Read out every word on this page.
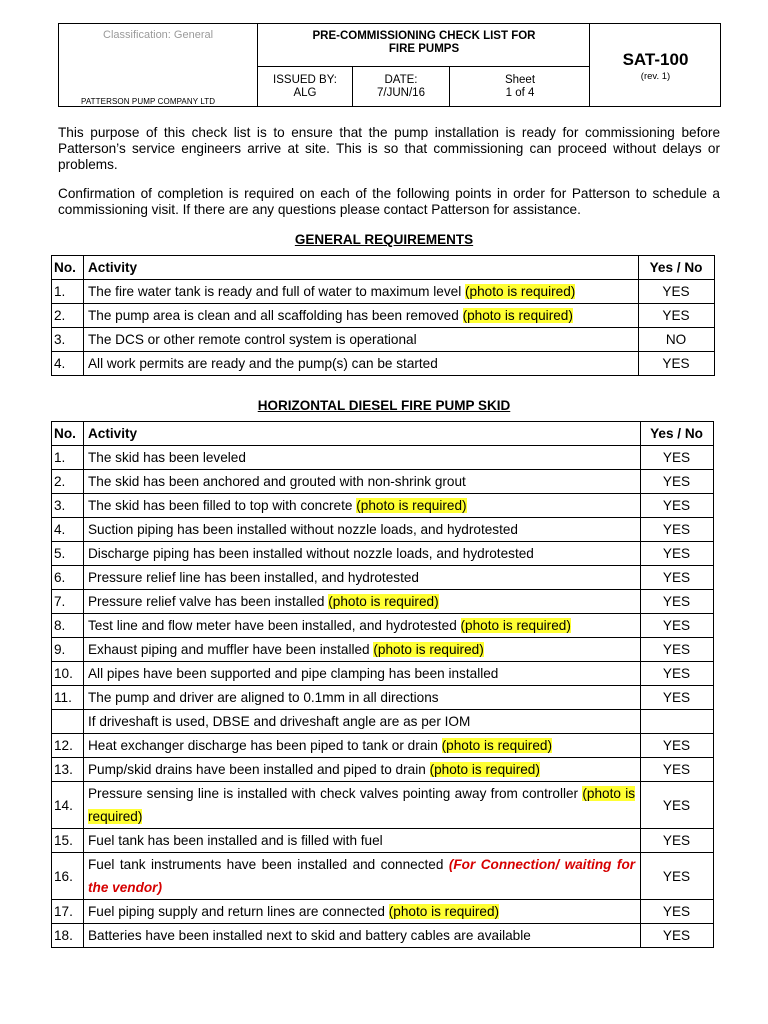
Classification: General
PATTERSON PUMP COMPANY LTD
PRE-COMMISSIONING CHECK LIST FOR
FIRE PUMPS
ISSUED BY:
ALG
DATE:
7/JUN/16
Sheet
1 of 4
SAT-100
(rev. 1)

This purpose of this check list is to ensure that the pump installation is ready for commissioning before Patterson’s service engineers arrive at site. This is so that commissioning can proceed without delays or problems.

Confirmation of completion is required on each of the following points in order for Patterson to schedule a commissioning visit. If there are any questions please contact Patterson for assistance.

GENERAL REQUIREMENTS
No.	Activity	Yes / No
1.	The fire water tank is ready and full of water to maximum level (photo is required)	YES
2.	The pump area is clean and all scaffolding has been removed (photo is required)	YES
3.	The DCS or other remote control system is operational	NO
4.	All work permits are ready and the pump(s) can be started	YES
HORIZONTAL DIESEL FIRE PUMP SKID
No.	Activity	Yes / No
1.	The skid has been leveled	YES
2.	The skid has been anchored and grouted with non-shrink grout	YES
3.	The skid has been filled to top with concrete (photo is required)	YES
4.	Suction piping has been installed without nozzle loads, and hydrotested	YES
5.	Discharge piping has been installed without nozzle loads, and hydrotested	YES
6.	Pressure relief line has been installed, and hydrotested	YES
7.	Pressure relief valve has been installed (photo is required)	YES
8.	Test line and flow meter have been installed, and hydrotested (photo is required)	YES
9.	Exhaust piping and muffler have been installed (photo is required)	YES
10.	All pipes have been supported and pipe clamping has been installed	YES
11.	The pump and driver are aligned to 0.1mm in all directions	YES
	If driveshaft is used, DBSE and driveshaft angle are as per IOM	
12.	Heat exchanger discharge has been piped to tank or drain (photo is required)	YES
13.	Pump/skid drains have been installed and piped to drain (photo is required)	YES
14.	Pressure sensing line is installed with check valves pointing away from controller (photo is required)	YES
15.	Fuel tank has been installed and is filled with fuel	YES
16.	Fuel tank instruments have been installed and connected (For Connection/ waiting for the vendor)	YES
17.	Fuel piping supply and return lines are connected (photo is required)	YES
18.	Batteries have been installed next to skid and battery cables are available	YES
